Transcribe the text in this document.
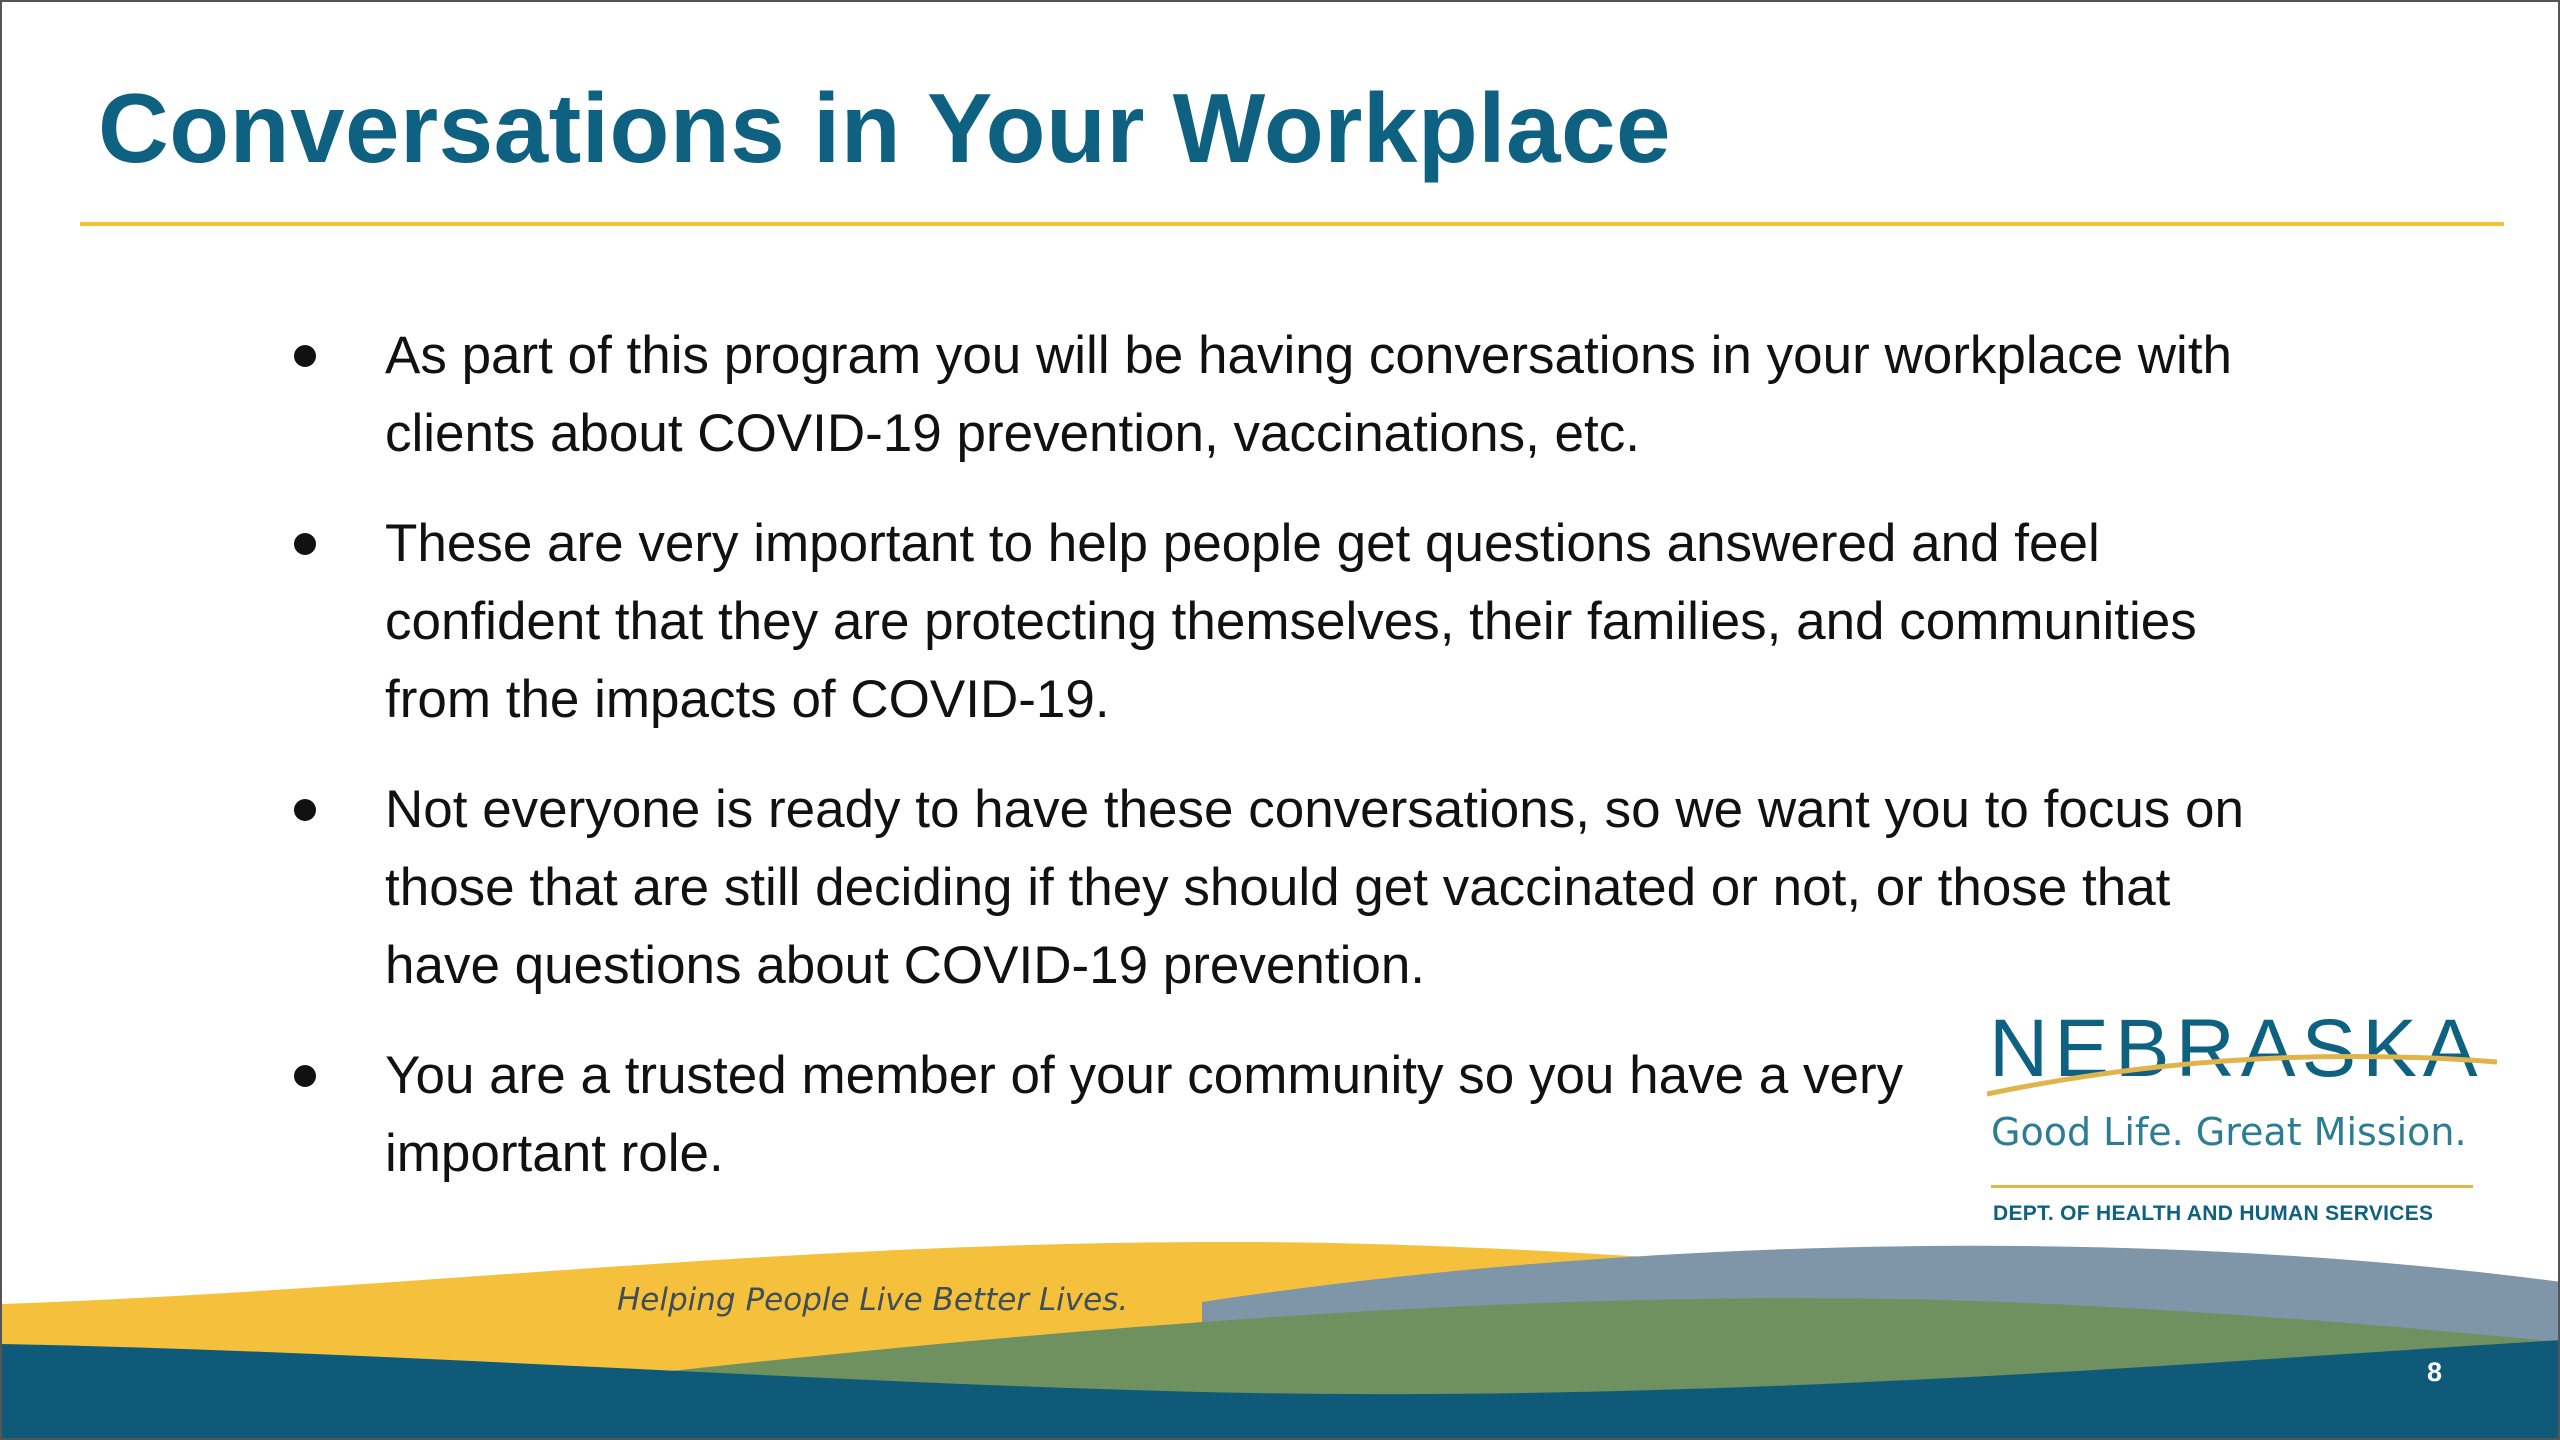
Conversations in Your Workplace
As part of this program you will be having conversations in your workplace with clients about COVID-19 prevention, vaccinations, etc.
These are very important to help people get questions answered and feel confident that they are protecting themselves, their families, and communities from the impacts of COVID-19.
Not everyone is ready to have these conversations, so we want you to focus on those that are still deciding if they should get vaccinated or not, or those that have questions about COVID-19 prevention.
You are a trusted member of your community so you have a very important role.
NEBRASKA
Good Life. Great Mission.
DEPT. OF HEALTH AND HUMAN SERVICES
Helping People Live Better Lives.
8
